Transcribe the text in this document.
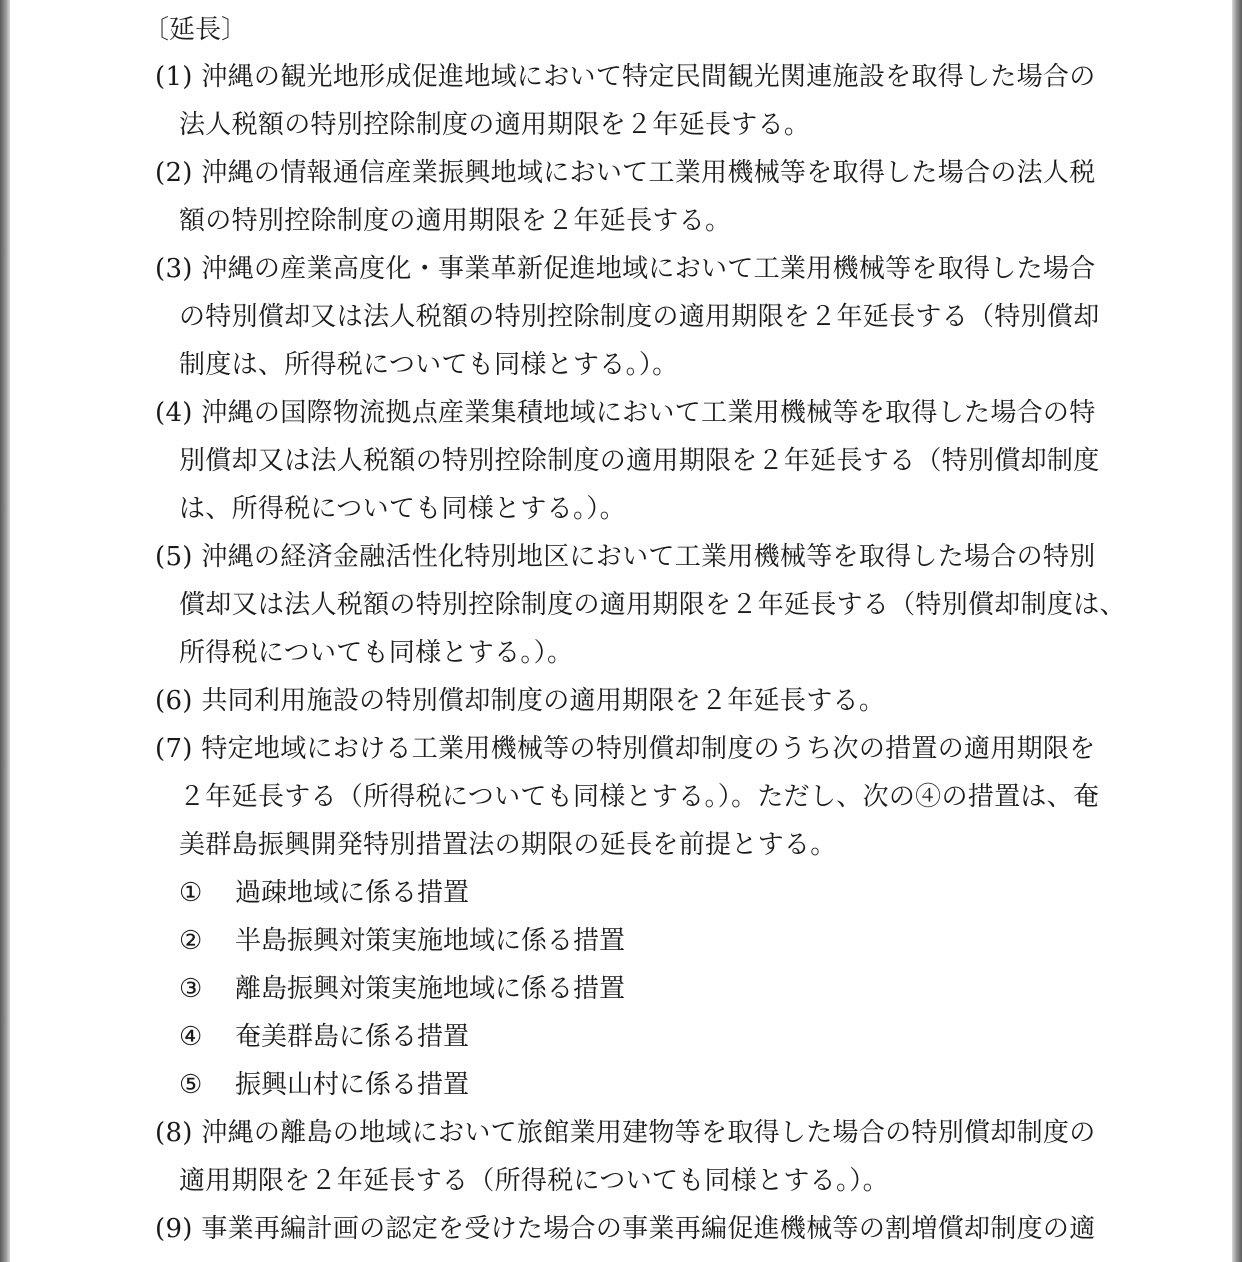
〔延長〕
(1) 沖縄の観光地形成促進地域において特定民間観光関連施設を取得した場合の
法人税額の特別控除制度の適用期限を２年延長する。
(2) 沖縄の情報通信産業振興地域において工業用機械等を取得した場合の法人税
額の特別控除制度の適用期限を２年延長する。
(3) 沖縄の産業高度化・事業革新促進地域において工業用機械等を取得した場合
の特別償却又は法人税額の特別控除制度の適用期限を２年延長する（特別償却
制度は、所得税についても同様とする。）。
(4) 沖縄の国際物流拠点産業集積地域において工業用機械等を取得した場合の特
別償却又は法人税額の特別控除制度の適用期限を２年延長する（特別償却制度
は、所得税についても同様とする。）。
(5) 沖縄の経済金融活性化特別地区において工業用機械等を取得した場合の特別
償却又は法人税額の特別控除制度の適用期限を２年延長する（特別償却制度は、
所得税についても同様とする。）。
(6) 共同利用施設の特別償却制度の適用期限を２年延長する。
(7) 特定地域における工業用機械等の特別償却制度のうち次の措置の適用期限を
２年延長する（所得税についても同様とする。）。ただし、次の④の措置は、奄
美群島振興開発特別措置法の期限の延長を前提とする。
① 過疎地域に係る措置
② 半島振興対策実施地域に係る措置
③ 離島振興対策実施地域に係る措置
④ 奄美群島に係る措置
⑤ 振興山村に係る措置
(8) 沖縄の離島の地域において旅館業用建物等を取得した場合の特別償却制度の
適用期限を２年延長する（所得税についても同様とする。）。
(9) 事業再編計画の認定を受けた場合の事業再編促進機械等の割増償却制度の適
